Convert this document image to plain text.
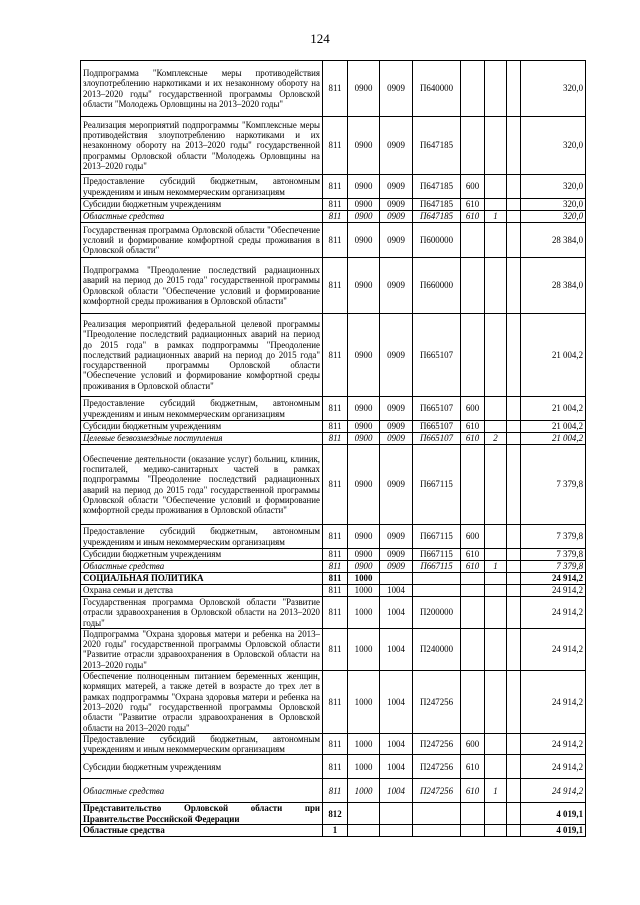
124
Подпрограмма "Комплексные меры противодействия злоупотреблению наркотиками и их незаконному обороту на 2013–2020 годы" государственной программы Орловской области "Молодежь Орловщины на 2013–2020 годы"	811	0900	0909	П640000				320,0
Реализация мероприятий подпрограммы "Комплексные меры противодействия злоупотреблению наркотиками и их незаконному обороту на 2013–2020 годы" государственной программы Орловской области "Молодежь Орловщины на 2013–2020 годы"	811	0900	0909	П647185				320,0
Предоставление субсидий бюджетным, автономным учреждениям и иным некоммерческим организациям	811	0900	0909	П647185	600			320,0
Субсидии бюджетным учреждениям	811	0900	0909	П647185	610			320,0
Областные средства	811	0900	0909	П647185	610	1		320,0
Государственная программа Орловской области "Обеспечение условий и формирование комфортной среды проживания в Орловской области"	811	0900	0909	П600000				28 384,0
Подпрограмма "Преодоление последствий радиационных аварий на период до 2015 года" государственной программы Орловской области "Обеспечение условий и формирование комфортной среды проживания в Орловской области"	811	0900	0909	П660000				28 384,0
Реализация мероприятий федеральной целевой программы "Преодоление последствий радиационных аварий на период до 2015 года" в рамках подпрограммы "Преодоление последствий радиационных аварий на период до 2015 года" государственной программы Орловской области "Обеспечение условий и формирование комфортной среды проживания в Орловской области"	811	0900	0909	П665107				21 004,2
Предоставление субсидий бюджетным, автономным учреждениям и иным некоммерческим организациям	811	0900	0909	П665107	600			21 004,2
Субсидии бюджетным учреждениям	811	0900	0909	П665107	610			21 004,2
Целевые безвозмездные поступления	811	0900	0909	П665107	610	2		21 004,2
Обеспечение деятельности (оказание услуг) больниц, клиник, госпиталей, медико-санитарных частей в рамках подпрограммы "Преодоление последствий радиационных аварий на период до 2015 года" государственной программы Орловской области "Обеспечение условий и формирование комфортной среды проживания в Орловской области"	811	0900	0909	П667115				7 379,8
Предоставление субсидий бюджетным, автономным учреждениям и иным некоммерческим организациям	811	0900	0909	П667115	600			7 379,8
Субсидии бюджетным учреждениям	811	0900	0909	П667115	610			7 379,8
Областные средства	811	0900	0909	П667115	610	1		7 379,8
СОЦИАЛЬНАЯ ПОЛИТИКА	811	1000						24 914,2
Охрана семьи и детства	811	1000	1004					24 914,2
Государственная программа Орловской области "Развитие отрасли здравоохранения в Орловской области на 2013–2020 годы"	811	1000	1004	П200000				24 914,2
Подпрограмма "Охрана здоровья матери и ребенка на 2013–2020 годы" государственной программы Орловской области "Развитие отрасли здравоохранения в Орловской области на 2013–2020 годы"	811	1000	1004	П240000				24 914,2
Обеспечение полноценным питанием беременных женщин, кормящих матерей, а также детей в возрасте до трех лет в рамках подпрограммы "Охрана здоровья матери и ребенка на 2013–2020 годы" государственной программы Орловской области "Развитие отрасли здравоохранения в Орловской области на 2013–2020 годы"	811	1000	1004	П247256				24 914,2
Предоставление субсидий бюджетным, автономным учреждениям и иным некоммерческим организациям	811	1000	1004	П247256	600			24 914,2
Субсидии бюджетным учреждениям	811	1000	1004	П247256	610			24 914,2
Областные средства	811	1000	1004	П247256	610	1		24 914,2
Представительство Орловской области при Правительстве Российской Федерации	812							4 019,1
Областные средства	1							4 019,1
